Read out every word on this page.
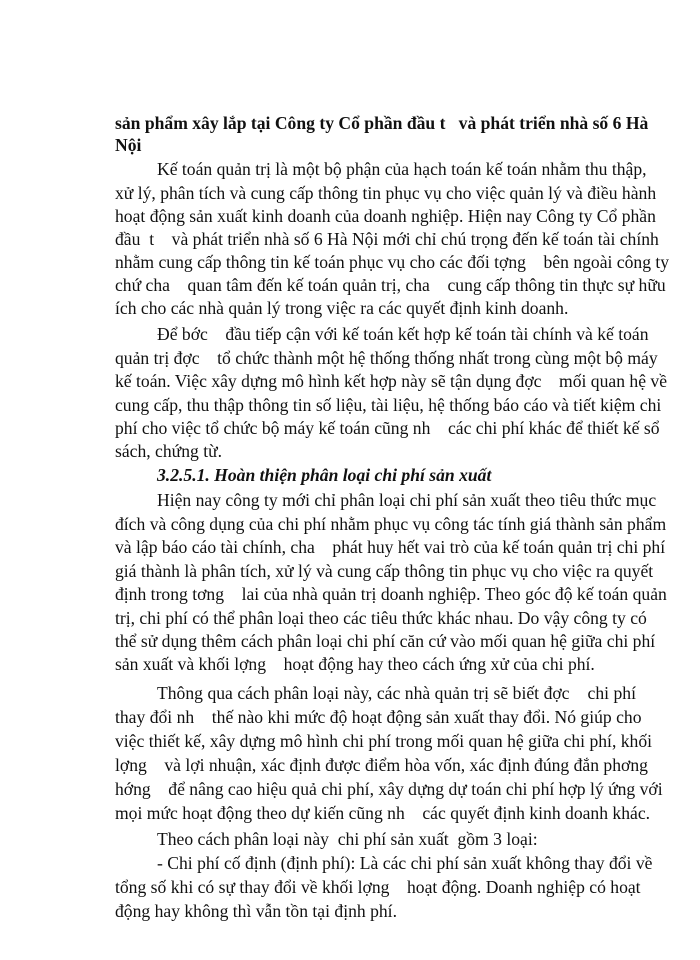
sản phẩm xây lắp tại Công ty Cổ phần đầu t   và phát triển nhà số 6 Hà

Nội

Kế toán quản trị là một bộ phận của hạch toán kế toán nhằm thu thập,

xử lý, phân tích và cung cấp thông tin phục vụ cho việc quản lý và điều hành

hoạt động sản xuất kinh doanh của doanh nghiệp. Hiện nay Công ty Cổ phần

đầu  t    và phát triển nhà số 6 Hà Nội mới chỉ chú trọng đến kế toán tài chính

nhằm cung cấp thông tin kế toán phục vụ cho các đối tợng    bên ngoài công ty

chứ cha    quan tâm đến kế toán quản trị, cha    cung cấp thông tin thực sự hữu

ích cho các nhà quản lý trong việc ra các quyết định kinh doanh.

Để bớc    đầu tiếp cận với kế toán kết hợp kế toán tài chính và kế toán

quản trị đợc    tổ chức thành một hệ thống thống nhất trong cùng một bộ máy

kế toán. Việc xây dựng mô hình kết hợp này sẽ tận dụng đợc    mối quan hệ về

cung cấp, thu thập thông tin số liệu, tài liệu, hệ thống báo cáo và tiết kiệm chi

phí cho việc tổ chức bộ máy kế toán cũng nh    các chi phí khác để thiết kế sổ

sách, chứng từ.

3.2.5.1. Hoàn thiện phân loại chi phí sản xuất

Hiện nay công ty mới chỉ phân loại chi phí sản xuất theo tiêu thức mục

đích và công dụng của chi phí nhằm phục vụ công tác tính giá thành sản phẩm

và lập báo cáo tài chính, cha    phát huy hết vai trò của kế toán quản trị chi phí

giá thành là phân tích, xử lý và cung cấp thông tin phục vụ cho việc ra quyết

định trong tơng    lai của nhà quản trị doanh nghiệp. Theo góc độ kế toán quản

trị, chi phí có thể phân loại theo các tiêu thức khác nhau. Do vậy công ty có

thể sử dụng thêm cách phân loại chi phí căn cứ vào mối quan hệ giữa chi phí

sản xuất và khối lợng    hoạt động hay theo cách ứng xử của chi phí.

Thông qua cách phân loại này, các nhà quản trị sẽ biết đợc    chi phí

thay đổi nh    thế nào khi mức độ hoạt động sản xuất thay đổi. Nó giúp cho

việc thiết kế, xây dựng mô hình chi phí trong mối quan hệ giữa chi phí, khối

lợng    và lợi nhuận, xác định được điểm hòa vốn, xác định đúng đắn phơng

hớng    để nâng cao hiệu quả chi phí, xây dựng dự toán chi phí hợp lý ứng với

mọi mức hoạt động theo dự kiến cũng nh    các quyết định kinh doanh khác.

Theo cách phân loại này  chi phí sản xuất  gồm 3 loại:

- Chi phí cố định (định phí): Là các chi phí sản xuất không thay đổi về

tổng số khi có sự thay đổi về khối lợng    hoạt động. Doanh nghiệp có hoạt

động hay không thì vẫn tồn tại định phí.
